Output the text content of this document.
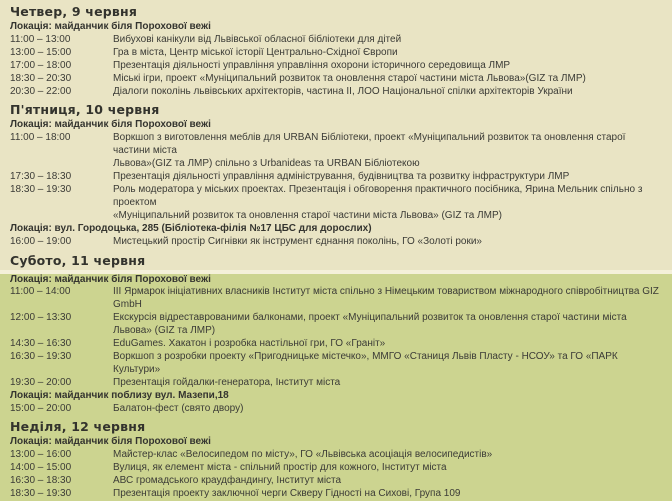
Четвер, 9 червня
Локація: майданчик біля Порохової вежі
11:00 – 13:00	Вибухові канікули від Львівської обласної бібліотеки для дітей
13:00 – 15:00	Гра в міста, Центр міської історії Центрально-Східної Європи
17:00 – 18:00	Презентація діяльності управління управління охорони історичного середовища ЛМР
18:30 – 20:30	Міські ігри, проект «Муніципальний розвиток та оновлення старої частини міста Львова»(GIZ та ЛМР)
20:30 – 22:00	Діалоги поколінь львівських архітекторів, частина ІІ, ЛОО Національної спілки архітекторів України
П'ятниця, 10 червня
Локація: майданчик біля Порохової вежі
11:00 – 18:00	Воркшоп з виготовлення меблів для URBAN Бібліотеки, проект «Муніципальний розвиток та оновлення старої частини міста
Львова»(GIZ та ЛМР) спільно з Urbanideas та URBAN Бібліотекою
17:30 – 18:30	Презентація діяльності управління адміністрування, будівництва та розвитку інфраструктури ЛМР
18:30 – 19:30	Роль модератора у міських проектах. Презентація і обговорення практичного посібника, Ярина Мельник спільно з проектом
«Муніципальний розвиток та оновлення старої частини міста Львова» (GIZ та ЛМР)
Локація: вул. Городоцька, 285 (Бібліотека-філія №17 ЦБС для дорослих)
16:00 – 19:00	Мистецький простір Сигнівки як інструмент єднання поколінь, ГО «Золоті роки»
Субото, 11 червня
Локація: майданчик біля Порохової вежі
11:00 – 14:00	ІІІ Ярмарок ініціативних власників Інститут міста спільно з Німецьким товариством міжнародного співробітництва GIZ GmbH
12:00 – 13:30	Екскурсія відреставрованими балконами, проект «Муніципальний розвиток та оновлення старої частини міста Львова» (GIZ та ЛМР)
14:30 – 16:30	EduGames. Хакатон і розробка настільної гри, ГО «Граніт»
16:30 – 19:30	Воркшоп з розробки проекту «Пригодницьке містечко», ММГО «Станиця Львів Пласту - НСОУ» та ГО «ПАРК Культури»
19:30 – 20:00	Презентація гойдалки-генератора, Інститут міста
Локація: майданчик поблизу вул. Мазепи,18
15:00 – 20:00	Балатон-фест (свято двору)
Неділя, 12 червня
Локація: майданчик біля Порохової вежі
13:00 – 16:00	Майстер-клас «Велосипедом по місту», ГО «Львівська асоціація велосипедистів»
14:00 – 15:00	Вулиця, як елемент міста - спільний простір для кожного, Інститут міста
16:30 – 18:30	АВС громадського краудфандингу, Інститут міста
18:30 – 19:30	Презентація проекту заключної черги Скверу Гідності на Сихові, Група 109
